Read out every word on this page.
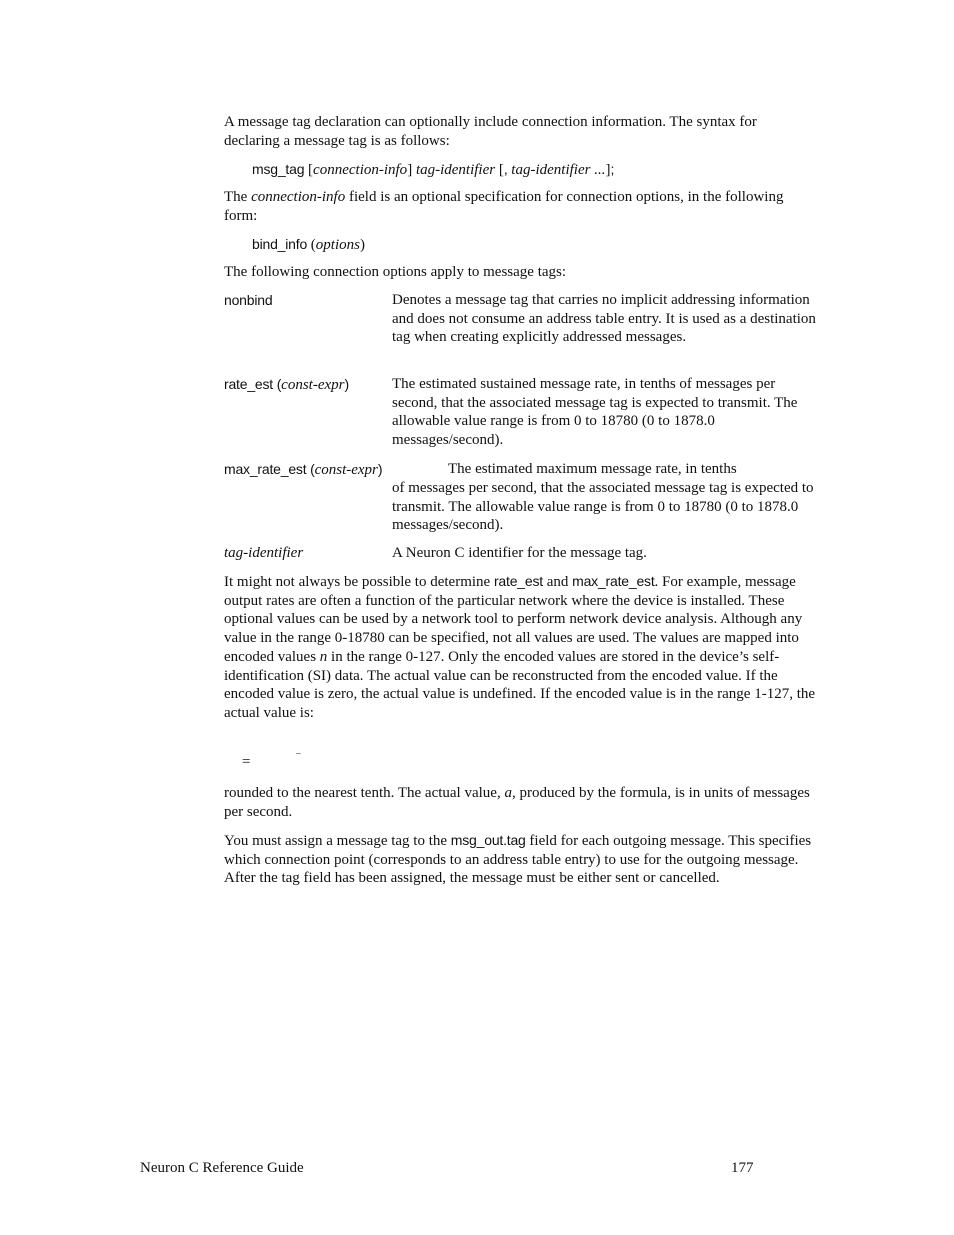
A message tag declaration can optionally include connection information. The syntax for declaring a message tag is as follows:

msg_tag [connection-info] tag-identifier [, tag-identifier ...];

The connection-info field is an optional specification for connection options, in the following form:

bind_info (options)

The following connection options apply to message tags:

nonbind	Denotes a message tag that carries no implicit addressing information and does not consume an address table entry. It is used as a destination tag when creating explicitly addressed messages.

rate_est (const-expr)	The estimated sustained message rate, in tenths of messages per second, that the associated message tag is expected to transmit. The allowable value range is from 0 to 18780 (0 to 1878.0 messages/second).

max_rate_est (const-expr)	The estimated maximum message rate, in tenths

of messages per second, that the associated message tag is expected to transmit. The allowable value range is from 0 to 18780 (0 to 1878.0 messages/second).

tag-identifier	A Neuron C identifier for the message tag.

It might not always be possible to determine rate_est and max_rate_est. For example, message output rates are often a function of the particular network where the device is installed. These optional values can be used by a network tool to perform network device analysis. Although any value in the range 0-18780 can be specified, not all values are used. The values are mapped into encoded values n in the range 0-127. Only the encoded values are stored in the device’s self-identification (SI) data. The actual value can be reconstructed from the encoded value. If the encoded value is zero, the actual value is undefined. If the encoded value is in the range 1-127, the actual value is:

=
–

rounded to the nearest tenth. The actual value, a, produced by the formula, is in units of messages per second.

You must assign a message tag to the msg_out.tag field for each outgoing message. This specifies which connection point (corresponds to an address table entry) to use for the outgoing message. After the tag field has been assigned, the message must be either sent or cancelled.

Neuron C Reference Guide	177
